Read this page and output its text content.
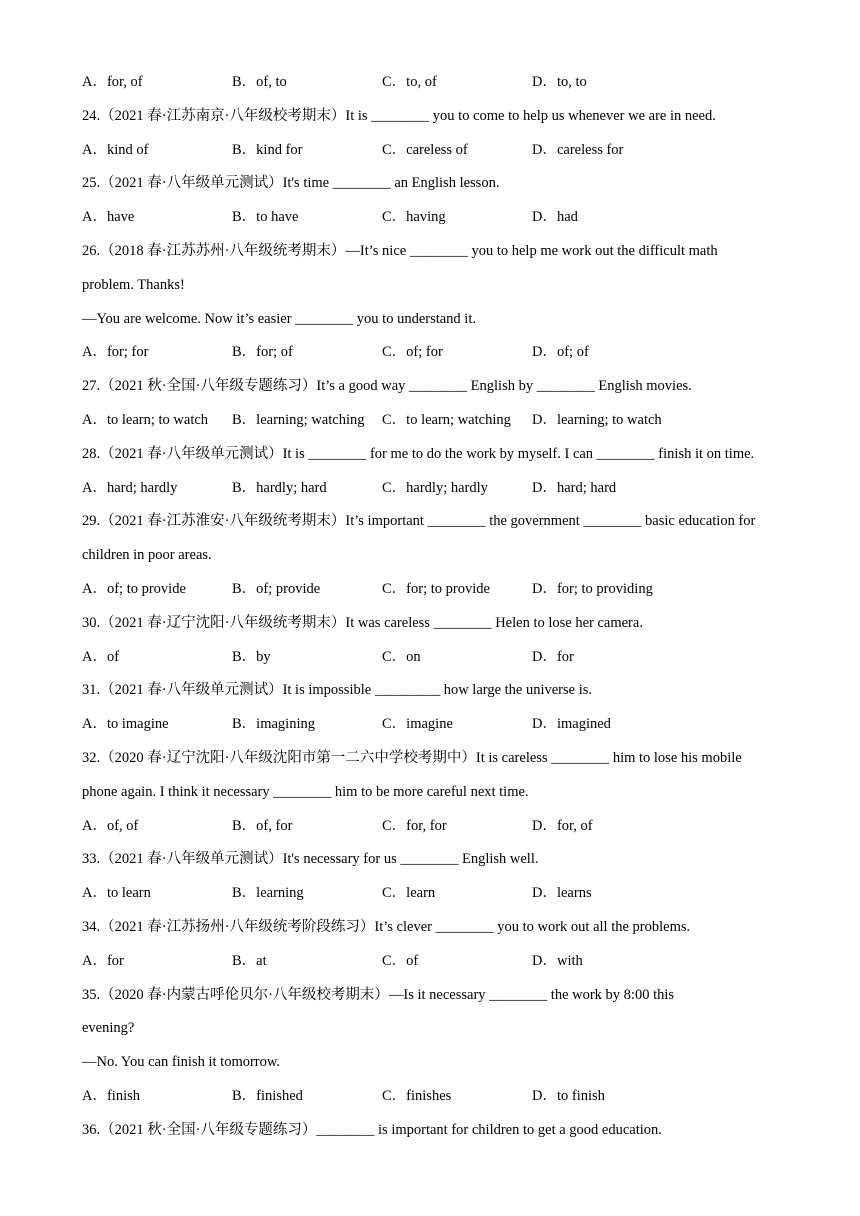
A．for, of	B．of, to	C．to, of	D．to, to
24.（2021 春·江苏南京·八年级校考期末）It is ________ you to come to help us whenever we are in need.
A．kind of	B．kind for	C．careless of	D．careless for
25.（2021 春·八年级单元测试）It's time ________ an English lesson.
A．have	B．to have	C．having	D．had
26.（2018 春·江苏苏州·八年级统考期末）—It’s nice ________ you to help me work out the difficult math
problem. Thanks!
—You are welcome. Now it’s easier ________ you to understand it.
A．for; for	B．for; of	C．of; for	D．of; of
27.（2021 秋·全国·八年级专题练习）It’s a good way ________ English by ________ English movies.
A．to learn; to watch B．learning; watching C．to learn; watching D．learning; to watch
28.（2021 春·八年级单元测试）It is ________ for me to do the work by myself. I can ________ finish it on time.
A．hard; hardly	B．hardly; hard	C．hardly; hardly	D．hard; hard
29.（2021 春·江苏淮安·八年级统考期末）It’s important ________ the government ________ basic education for
children in poor areas.
A．of; to provide	B．of; provide	C．for; to provide	D．for; to providing
30.（2021 春·辽宁沈阳·八年级统考期末）It was careless ________ Helen to lose her camera.
A．of	B．by	C．on	D．for
31.（2021 春·八年级单元测试）It is impossible _________ how large the universe is.
A．to imagine	B．imagining	C．imagine	D．imagined
32.（2020 春·辽宁沈阳·八年级沈阳市第一二六中学校考期中）It is careless ________ him to lose his mobile
phone again. I think it necessary ________ him to be more careful next time.
A．of, of	B．of, for	C．for, for	D．for, of
33.（2021 春·八年级单元测试）It's necessary for us ________ English well.
A．to learn	B．learning	C．learn	D．learns
34.（2021 春·江苏扬州·八年级统考阶段练习）It’s clever ________ you to work out all the problems.
A．for	B．at	C．of	D．with
35.（2020 春·内蒙古呼伦贝尔·八年级校考期末）—Is it necessary ________ the work by 8:00 this
evening?
—No. You can finish it tomorrow.
A．finish	B．finished	C．finishes	D．to finish
36.（2021 秋·全国·八年级专题练习）________ is important for children to get a good education.
